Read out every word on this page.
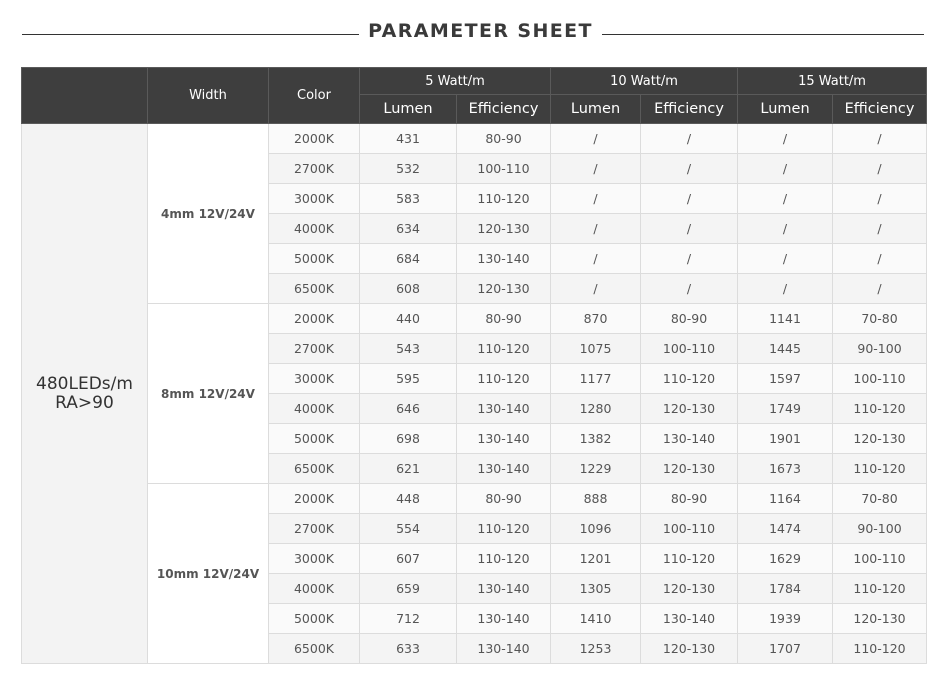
PARAMETER SHEET
	Width	Color	5 Watt/m		10 Watt/m		15 Watt/m	
			Lumen	Efficiency	Lumen	Efficiency	Lumen	Efficiency

480LEDs/m
RA>90	4mm 12V/24V	2000K	431	80-90	/	/	/	/
		2700K	532	100-110	/	/	/	/
		3000K	583	110-120	/	/	/	/
		4000K	634	120-130	/	/	/	/
		5000K	684	130-140	/	/	/	/
		6500K	608	120-130	/	/	/	/
	8mm 12V/24V	2000K	440	80-90	870	80-90	1141	70-80
		2700K	543	110-120	1075	100-110	1445	90-100
		3000K	595	110-120	1177	110-120	1597	100-110
		4000K	646	130-140	1280	120-130	1749	110-120
		5000K	698	130-140	1382	130-140	1901	120-130
		6500K	621	130-140	1229	120-130	1673	110-120
	10mm 12V/24V	2000K	448	80-90	888	80-90	1164	70-80
		2700K	554	110-120	1096	100-110	1474	90-100
		3000K	607	110-120	1201	110-120	1629	100-110
		4000K	659	130-140	1305	120-130	1784	110-120
		5000K	712	130-140	1410	130-140	1939	120-130
		6500K	633	130-140	1253	120-130	1707	110-120
